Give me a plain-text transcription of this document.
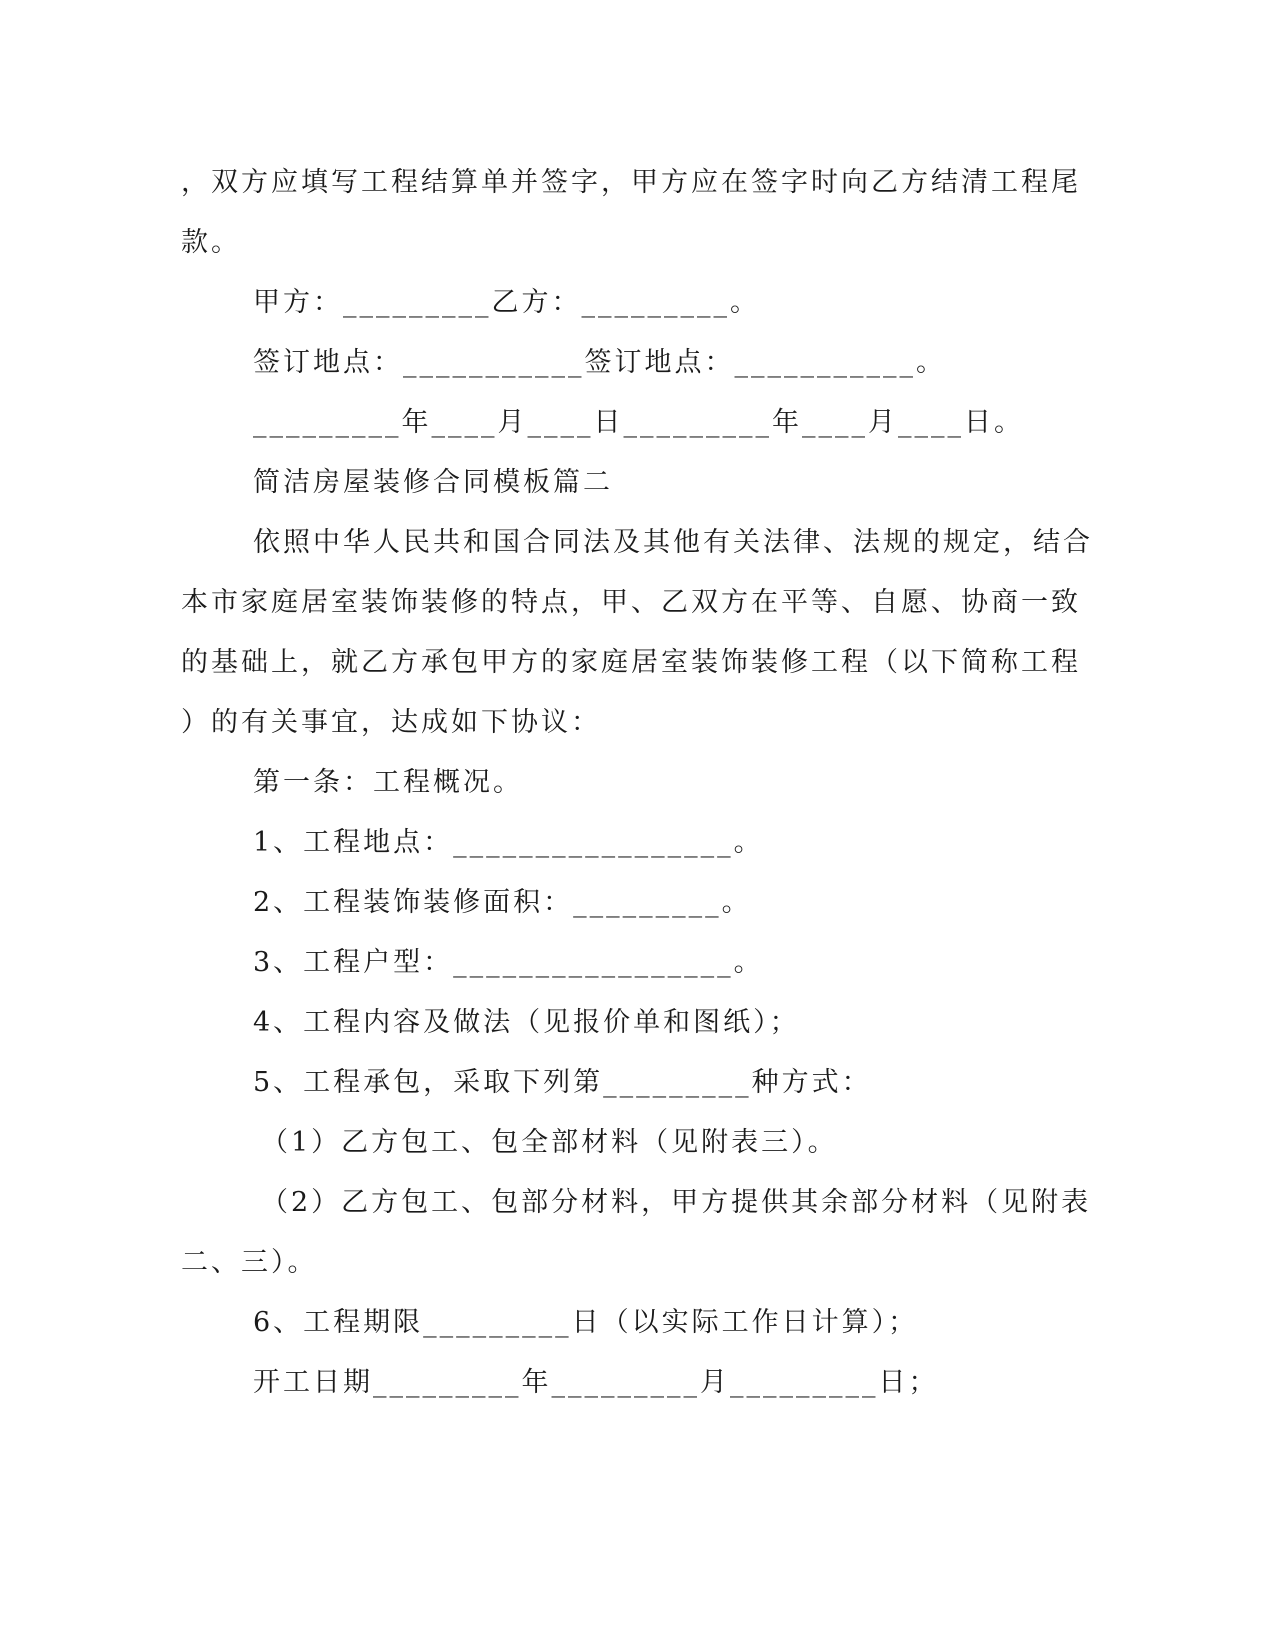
，双方应填写工程结算单并签字，甲方应在签字时向乙方结清工程尾
款。
甲方：_________乙方：_________。
签订地点：___________签订地点：___________。
_________年____月____日_________年____月____日。
简洁房屋装修合同模板篇二
依照中华人民共和国合同法及其他有关法律、法规的规定，结合
本市家庭居室装饰装修的特点，甲、乙双方在平等、自愿、协商一致
的基础上，就乙方承包甲方的家庭居室装饰装修工程（以下简称工程
）的有关事宜，达成如下协议：
第一条：工程概况。
1、工程地点：_________________。
2、工程装饰装修面积：_________。
3、工程户型：_________________。
4、工程内容及做法（见报价单和图纸）；
5、工程承包，采取下列第_________种方式：
（1）乙方包工、包全部材料（见附表三）。
（2）乙方包工、包部分材料，甲方提供其余部分材料（见附表
二、三）。
6、工程期限_________日（以实际工作日计算）；
开工日期_________年_________月_________日；
